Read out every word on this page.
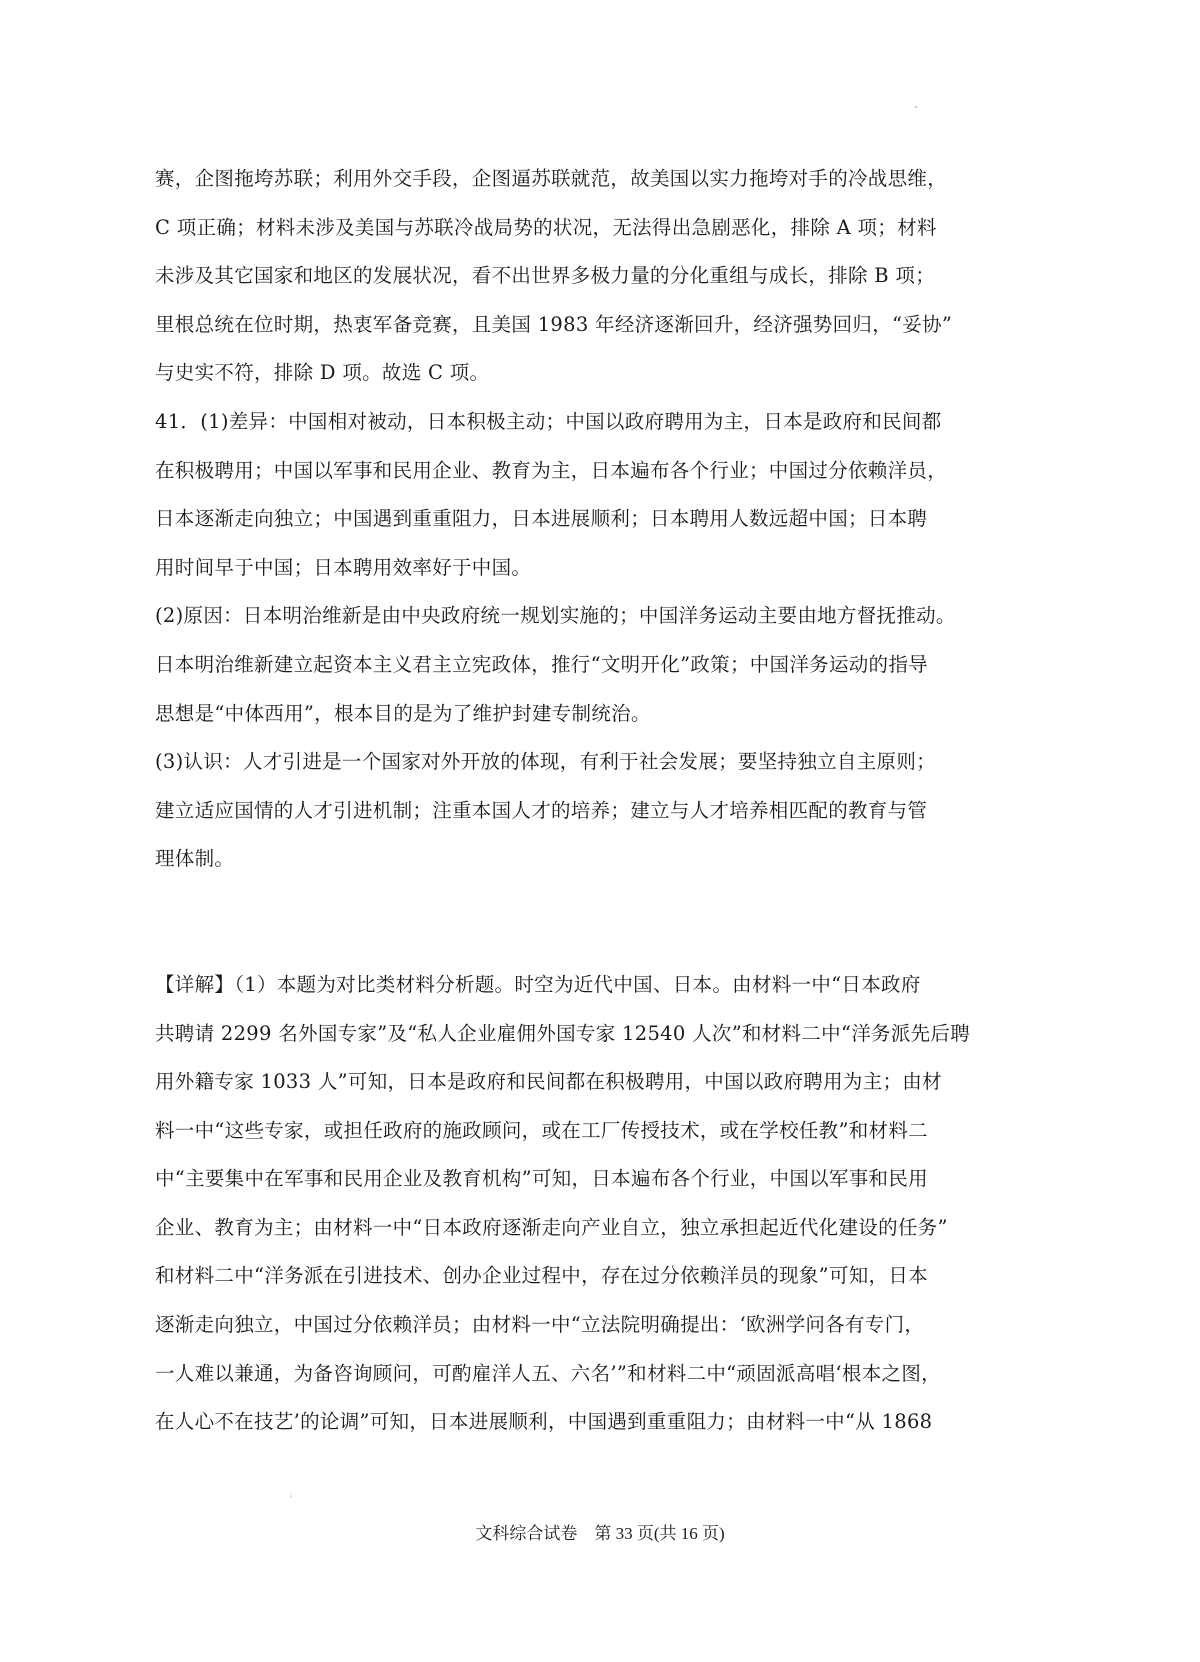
"
赛，企图拖垮苏联；利用外交手段，企图逼苏联就范，故美国以实力拖垮对手的冷战思维，
C 项正确；材料未涉及美国与苏联冷战局势的状况，无法得出急剧恶化，排除 A 项；材料
未涉及其它国家和地区的发展状况，看不出世界多极力量的分化重组与成长，排除 B 项；
里根总统在位时期，热衷军备竞赛，且美国 1983 年经济逐渐回升，经济强势回归，“妥协”
与史实不符，排除 D 项。故选 C 项。
41．(1)差异：中国相对被动，日本积极主动；中国以政府聘用为主，日本是政府和民间都
在积极聘用；中国以军事和民用企业、教育为主，日本遍布各个行业；中国过分依赖洋员，
日本逐渐走向独立；中国遇到重重阻力，日本进展顺利；日本聘用人数远超中国；日本聘
用时间早于中国；日本聘用效率好于中国。
(2)原因：日本明治维新是由中央政府统一规划实施的；中国洋务运动主要由地方督抚推动。
日本明治维新建立起资本主义君主立宪政体，推行“文明开化”政策；中国洋务运动的指导
思想是“中体西用”，根本目的是为了维护封建专制统治。
(3)认识：人才引进是一个国家对外开放的体现，有利于社会发展；要坚持独立自主原则；
建立适应国情的人才引进机制；注重本国人才的培养；建立与人才培养相匹配的教育与管
理体制。
【详解】（1）本题为对比类材料分析题。时空为近代中国、日本。由材料一中“日本政府
共聘请 2299 名外国专家”及“私人企业雇佣外国专家 12540 人次”和材料二中“洋务派先后聘
用外籍专家 1033 人”可知，日本是政府和民间都在积极聘用，中国以政府聘用为主；由材
料一中“这些专家，或担任政府的施政顾问，或在工厂传授技术，或在学校任教”和材料二
中“主要集中在军事和民用企业及教育机构”可知，日本遍布各个行业，中国以军事和民用
企业、教育为主；由材料一中“日本政府逐渐走向产业自立，独立承担起近代化建设的任务”
和材料二中“洋务派在引进技术、创办企业过程中，存在过分依赖洋员的现象”可知，日本
逐渐走向独立，中国过分依赖洋员；由材料一中“立法院明确提出：‘欧洲学问各有专门，
一人难以兼通，为备咨询顾问，可酌雇洋人五、六名’”和材料二中“顽固派高唱‘根本之图，
在人心不在技艺’的论调”可知，日本进展顺利，中国遇到重重阻力；由材料一中“从 1868
:
文科综合试卷　第 33 页(共 16 页)
